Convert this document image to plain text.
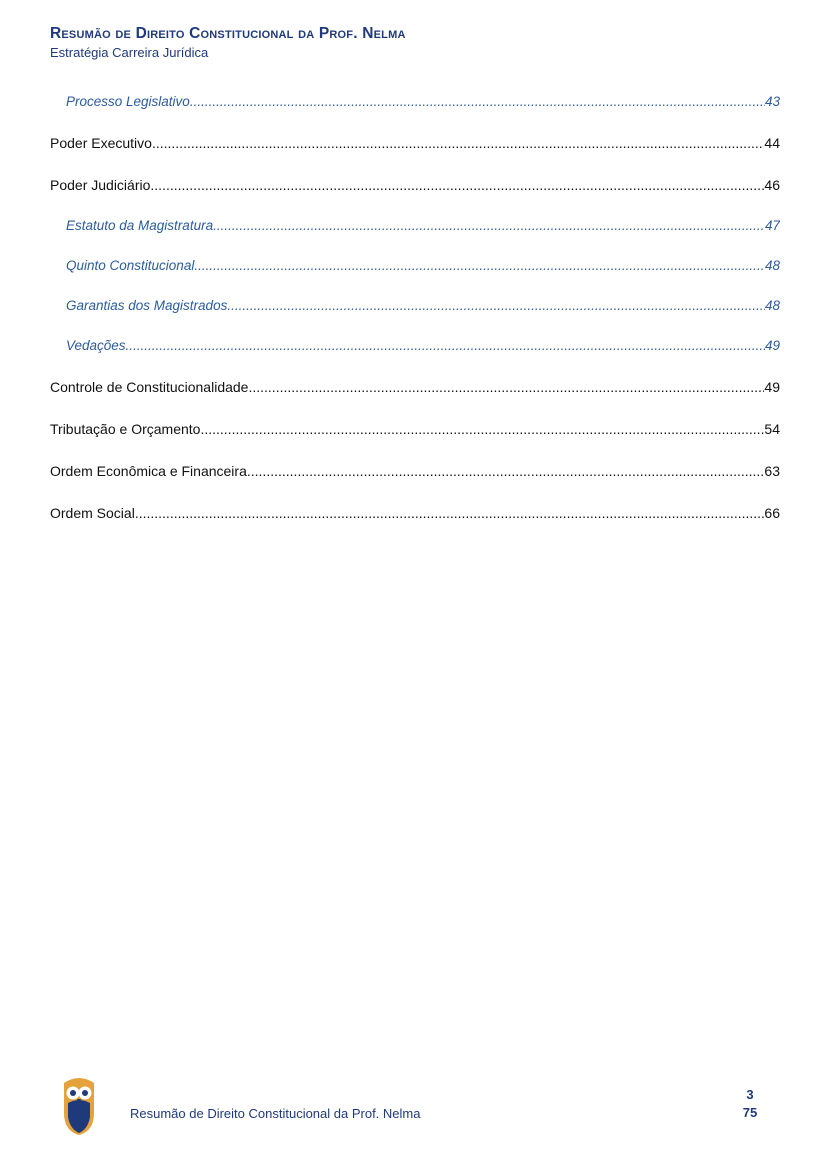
Resumão de Direito Constitucional da Prof. Nelma
Estratégia Carreira Jurídica
Processo Legislativo .....	43
Poder Executivo .....	44
Poder Judiciário .....	46
Estatuto da Magistratura .....	47
Quinto Constitucional .....	48
Garantias dos Magistrados .....	48
Vedações .....	49
Controle de Constitucionalidade .....	49
Tributação e Orçamento .....	54
Ordem Econômica e Financeira .....	63
Ordem Social .....	66
Resumão de Direito Constitucional da Prof. Nelma
3
75
